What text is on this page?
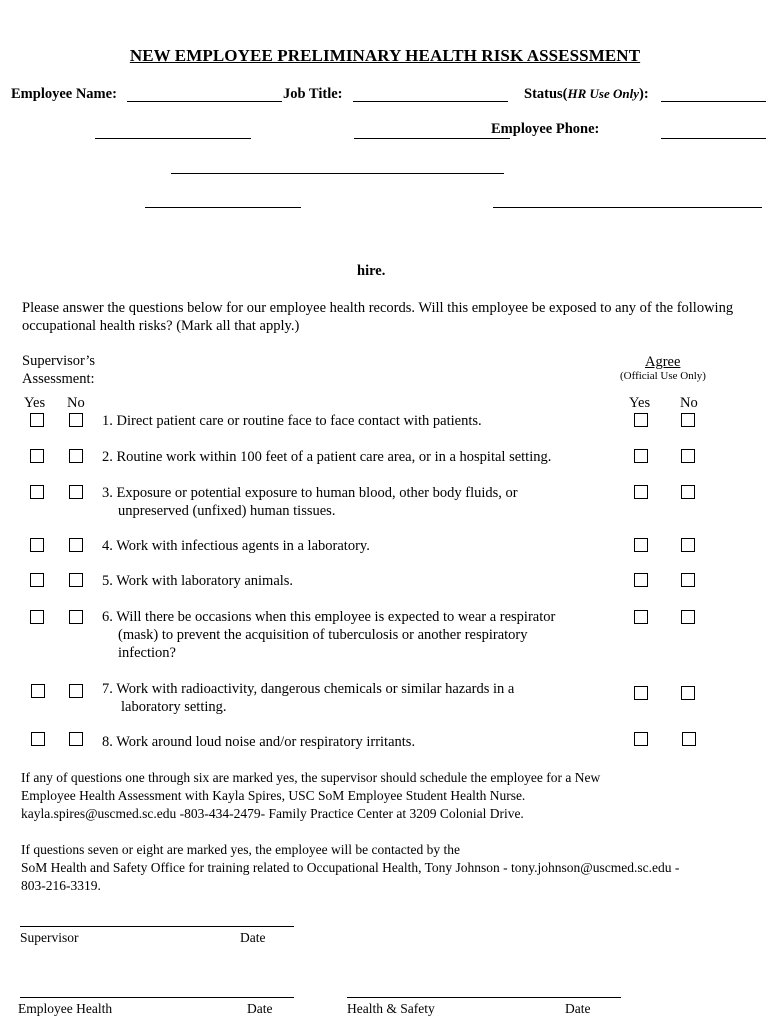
NEW EMPLOYEE PRELIMINARY HEALTH RISK ASSESSMENT
Employee Name:	Job Title:	Status(HR Use Only):
Employee Phone:
hire.
Please answer the questions below for our employee health records. Will this employee be exposed to any of the following occupational health risks? (Mark all that apply.)
Supervisor’s
Assessment:
Agree
(Official Use Only)
Yes No	Yes No
1. Direct patient care or routine face to face contact with patients.
2. Routine work within 100 feet of a patient care area, or in a hospital setting.
3. Exposure or potential exposure to human blood, other body fluids, or
unpreserved (unfixed) human tissues.
4. Work with infectious agents in a laboratory.
5. Work with laboratory animals.
6. Will there be occasions when this employee is expected to wear a respirator
(mask) to prevent the acquisition of tuberculosis or another respiratory
infection?
7. Work with radioactivity, dangerous chemicals or similar hazards in a
laboratory setting.
8. Work around loud noise and/or respiratory irritants.
If any of questions one through six are marked yes, the supervisor should schedule the employee for a New
Employee Health Assessment with Kayla Spires, USC SoM Employee Student Health Nurse.
kayla.spires@uscmed.sc.edu -803-434-2479- Family Practice Center at 3209 Colonial Drive.
If questions seven or eight are marked yes, the employee will be contacted by the
SoM Health and Safety Office for training related to Occupational Health, Tony Johnson - tony.johnson@uscmed.sc.edu -
803-216-3319.
Supervisor	Date
Employee Health	Date	Health & Safety	Date
